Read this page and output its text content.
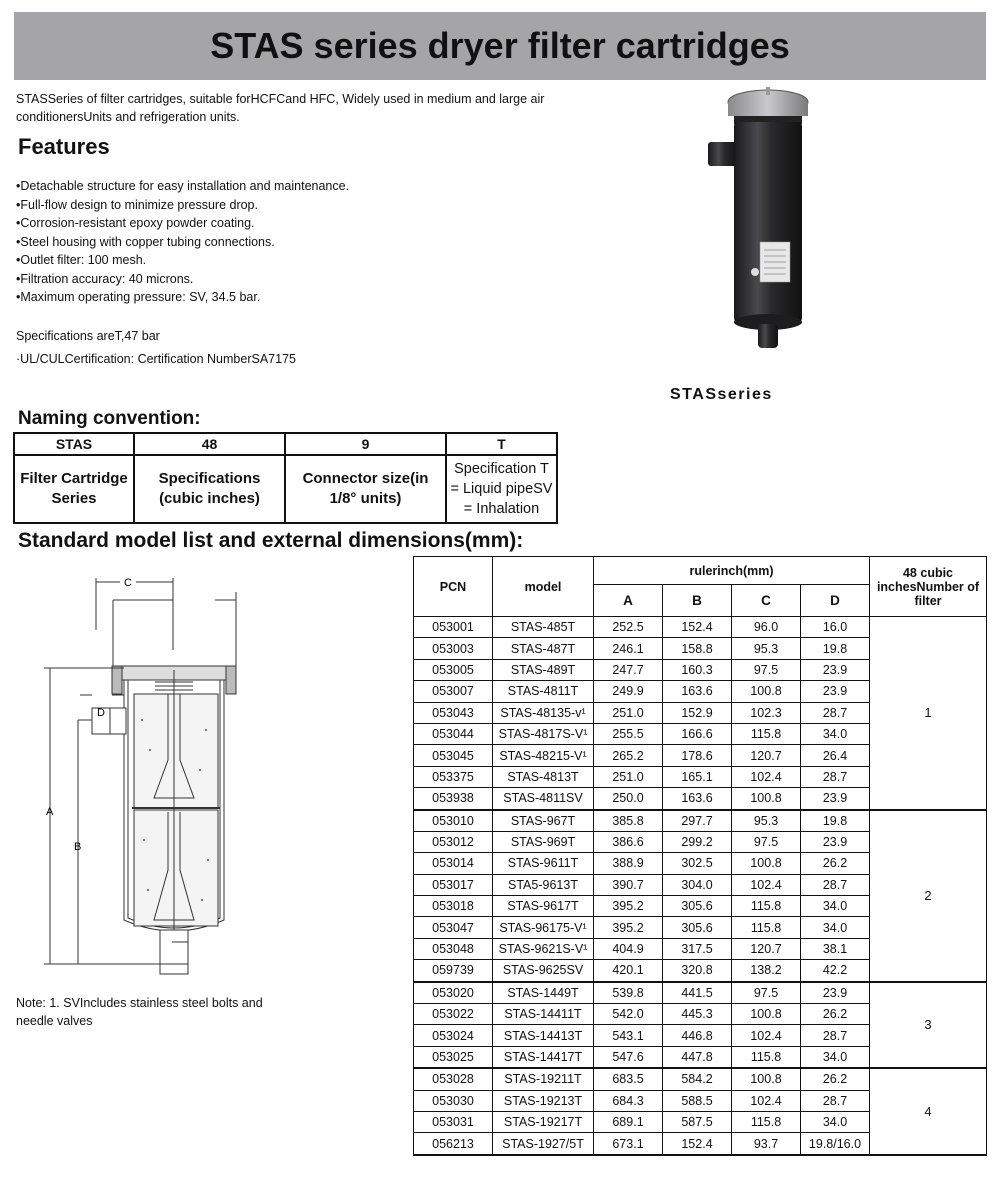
STAS series dryer filter cartridges
STASSeries of filter cartridges, suitable forHCFCand HFC, Widely used in medium and large air conditionersUnits and refrigeration units.
Features
• Detachable structure for easy installation and maintenance.
• Full-flow design to minimize pressure drop.
• Corrosion-resistant epoxy powder coating.
• Steel housing with copper tubing connections.
• Outlet filter: 100 mesh.
• Filtration accuracy: 40 microns.
• Maximum operating pressure: SV, 34.5 bar.
Specifications areT,47 bar
·UL/CULCertification: Certification NumberSA7175
STASseries
Naming convention:
STAS	48	9	T
Filter Cartridge Series	Specifications (cubic inches)	Connector size(in 1/8° units)	Specification T = Liquid pipeSV = Inhalation
Standard model list and external dimensions(mm):
C
D
A
B
Note: 1. SVIncludes stainless steel bolts and needle valves
PCN	model	rulerinch(mm)				48 cubic inchesNumber of filter
		A	B	C	D	
053001	STAS-485T	252.5	152.4	96.0	16.0	1
053003	STAS-487T	246.1	158.8	95.3	19.8	
053005	STAS-489T	247.7	160.3	97.5	23.9	
053007	STAS-4811T	249.9	163.6	100.8	23.9	
053043	STAS-48135-v¹	251.0	152.9	102.3	28.7	
053044	STAS-4817S-V¹	255.5	166.6	115.8	34.0	
053045	STAS-48215-V¹	265.2	178.6	120.7	26.4	
053375	STAS-4813T	251.0	165.1	102.4	28.7	
053938	STAS-4811SV	250.0	163.6	100.8	23.9	
053010	STAS-967T	385.8	297.7	95.3	19.8	2
053012	STAS-969T	386.6	299.2	97.5	23.9	
053014	STAS-9611T	388.9	302.5	100.8	26.2	
053017	STA5-9613T	390.7	304.0	102.4	28.7	
053018	STAS-9617T	395.2	305.6	115.8	34.0	
053047	STAS-96175-V¹	395.2	305.6	115.8	34.0	
053048	STAS-9621S-V¹	404.9	317.5	120.7	38.1	
059739	STAS-9625SV	420.1	320.8	138.2	42.2	
053020	STAS-1449T	539.8	441.5	97.5	23.9	3
053022	STAS-14411T	542.0	445.3	100.8	26.2	
053024	STAS-14413T	543.1	446.8	102.4	28.7	
053025	STAS-14417T	547.6	447.8	115.8	34.0	
053028	STAS-19211T	683.5	584.2	100.8	26.2	4
053030	STAS-19213T	684.3	588.5	102.4	28.7	
053031	STAS-19217T	689.1	587.5	115.8	34.0	
056213	STAS-1927/5T	673.1	152.4	93.7	19.8/16.0	
